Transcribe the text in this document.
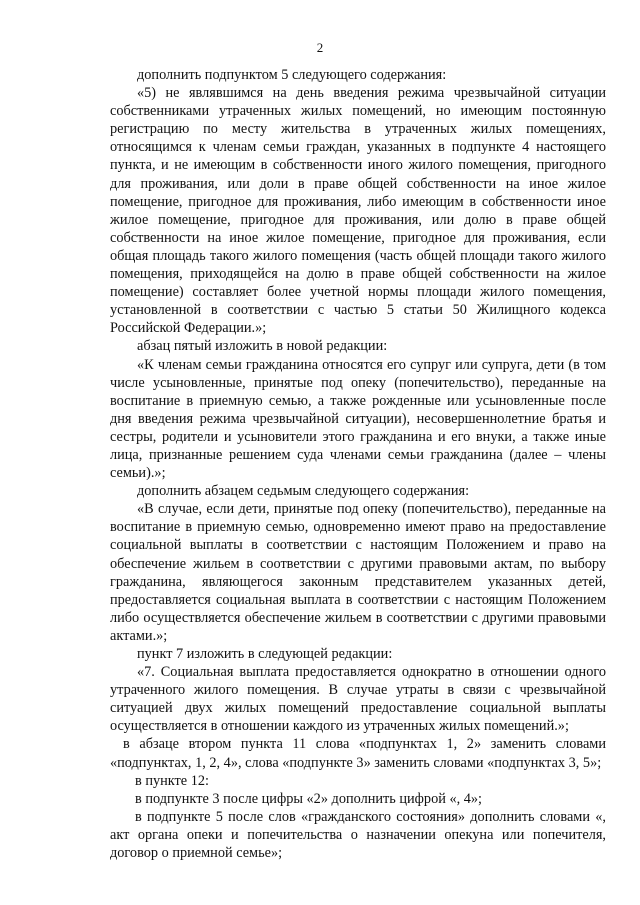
2

дополнить подпунктом 5 следующего содержания:

«5) не являвшимся на день введения режима чрезвычайной ситуации собственниками утраченных жилых помещений, но имеющим постоянную регистрацию по месту жительства в утраченных жилых помещениях, относящимся к членам семьи граждан, указанных в подпункте 4 настоящего пункта, и не имеющим в собственности иного жилого помещения, пригодного для проживания, или доли в праве общей собственности на иное жилое помещение, пригодное для проживания, либо имеющим в собственности иное жилое помещение, пригодное для проживания, или долю в праве общей собственности на иное жилое помещение, пригодное для проживания, если общая площадь такого жилого помещения (часть общей площади такого жилого помещения, приходящейся на долю в праве общей собственности на жилое помещение) составляет более учетной нормы площади жилого помещения, установленной в соответствии с частью 5 статьи 50 Жилищного кодекса Российской Федерации.»;

абзац пятый изложить в новой редакции:

«К членам семьи гражданина относятся его супруг или супруга, дети (в том числе усыновленные, принятые под опеку (попечительство), переданные на воспитание в приемную семью, а также рожденные или усыновленные после дня введения режима чрезвычайной ситуации), несовершеннолетние братья и сестры, родители и усыновители этого гражданина и его внуки, а также иные лица, признанные решением суда членами семьи гражданина (далее – члены семьи).»;

дополнить абзацем седьмым следующего содержания:

«В случае, если дети, принятые под опеку (попечительство), переданные на воспитание в приемную семью, одновременно имеют право на предоставление социальной выплаты в соответствии с настоящим Положением и право на обеспечение жильем в соответствии с другими правовыми актам, по выбору гражданина, являющегося законным представителем указанных детей, предоставляется социальная выплата в соответствии с настоящим Положением либо осуществляется обеспечение жильем в соответствии с другими правовыми актами.»;

пункт 7 изложить в следующей редакции:

«7. Социальная выплата предоставляется однократно в отношении одного утраченного жилого помещения. В случае утраты в связи с чрезвычайной ситуацией двух жилых помещений предоставление социальной выплаты осуществляется в отношении каждого из утраченных жилых помещений.»;

в абзаце втором пункта 11 слова «подпунктах 1, 2» заменить словами «подпунктах, 1, 2, 4», слова «подпункте 3» заменить словами «подпунктах 3, 5»;

в пункте 12:

в подпункте 3 после цифры «2» дополнить цифрой «, 4»;

в подпункте 5 после слов «гражданского состояния» дополнить словами «, акт органа опеки и попечительства о назначении опекуна или попечителя, договор о приемной семье»;
